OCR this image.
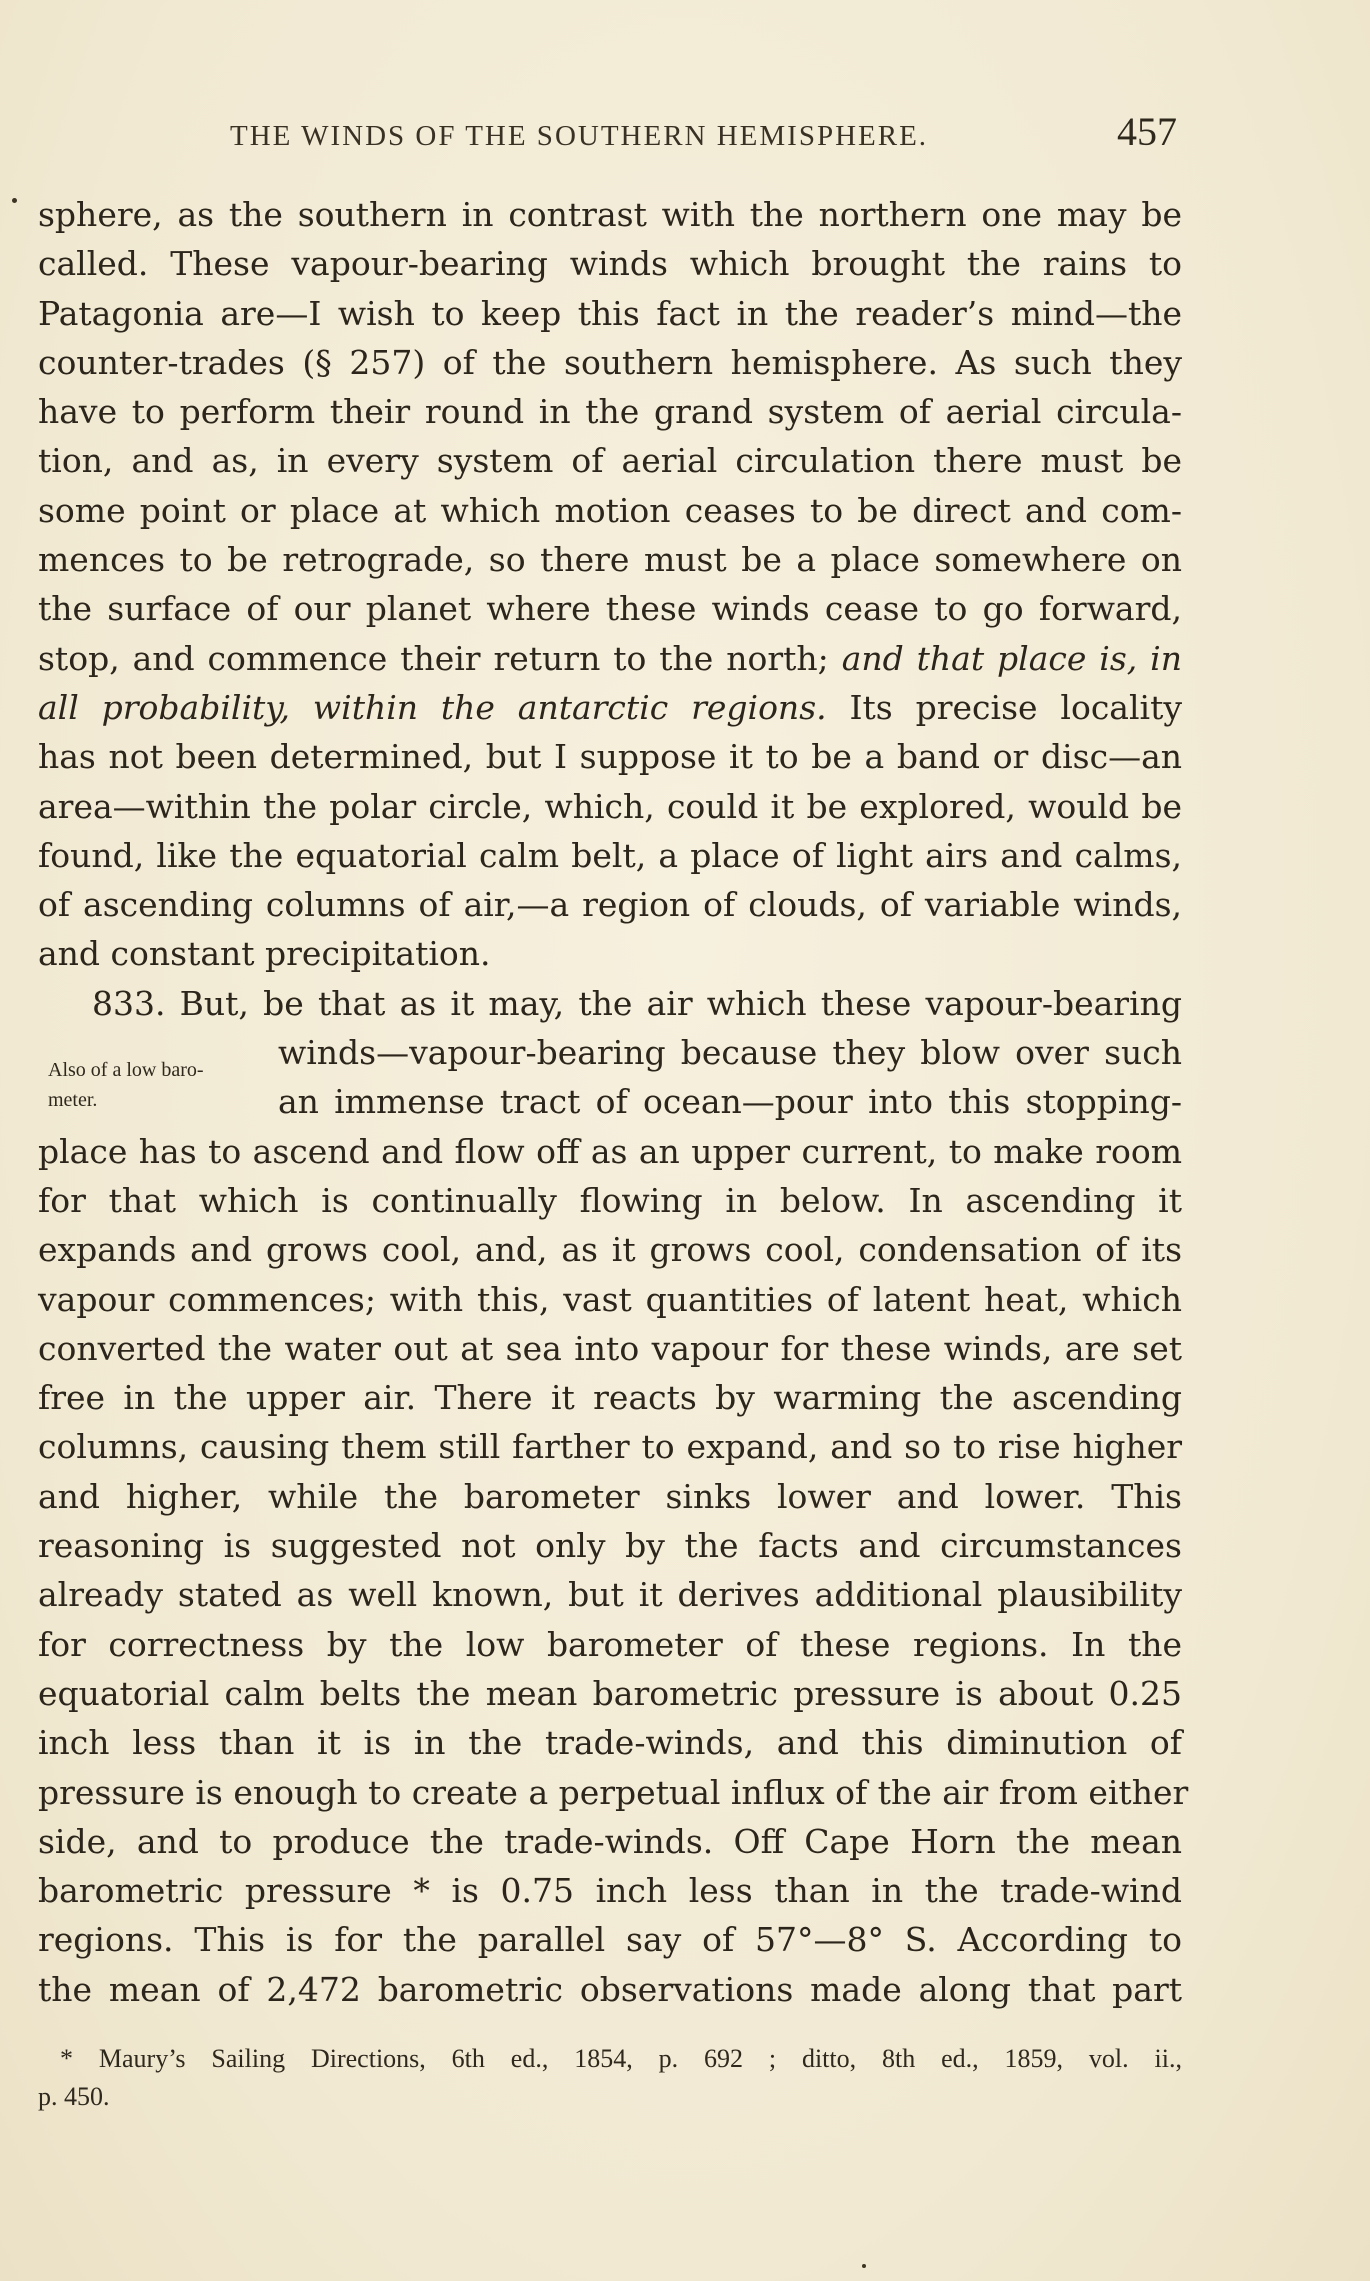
THE WINDS OF THE SOUTHERN HEMISPHERE.	457
sphere, as the southern in contrast with the northern one may be
called. These vapour-bearing winds which brought the rains to
Patagonia are—I wish to keep this fact in the reader’s mind—the
counter-trades (§ 257) of the southern hemisphere. As such they
have to perform their round in the grand system of aerial circula-
tion, and as, in every system of aerial circulation there must be
some point or place at which motion ceases to be direct and com-
mences to be retrograde, so there must be a place somewhere on
the surface of our planet where these winds cease to go forward,
stop, and commence their return to the north; and that place is, in
all probability, within the antarctic regions. Its precise locality
has not been determined, but I suppose it to be a band or disc—an
area—within the polar circle, which, could it be explored, would be
found, like the equatorial calm belt, a place of light airs and calms,
of ascending columns of air,—a region of clouds, of variable winds,
and constant precipitation.
833. But, be that as it may, the air which these vapour-bearing
winds—vapour-bearing because they blow over such
an immense tract of ocean—pour into this stopping-
place has to ascend and flow off as an upper current, to make room
for that which is continually flowing in below. In ascending it
expands and grows cool, and, as it grows cool, condensation of its
vapour commences; with this, vast quantities of latent heat, which
converted the water out at sea into vapour for these winds, are set
free in the upper air. There it reacts by warming the ascending
columns, causing them still farther to expand, and so to rise higher
and higher, while the barometer sinks lower and lower. This
reasoning is suggested not only by the facts and circumstances
already stated as well known, but it derives additional plausibility
for correctness by the low barometer of these regions. In the
equatorial calm belts the mean barometric pressure is about 0.25
inch less than it is in the trade-winds, and this diminution of
pressure is enough to create a perpetual influx of the air from either
side, and to produce the trade-winds. Off Cape Horn the mean
barometric pressure * is 0.75 inch less than in the trade-wind
regions. This is for the parallel say of 57°—8° S. According to
the mean of 2,472 barometric observations made along that part
Also of a low baro-
meter.
* Maury’s Sailing Directions, 6th ed., 1854, p. 692 ; ditto, 8th ed., 1859, vol. ii.,
p. 450.
